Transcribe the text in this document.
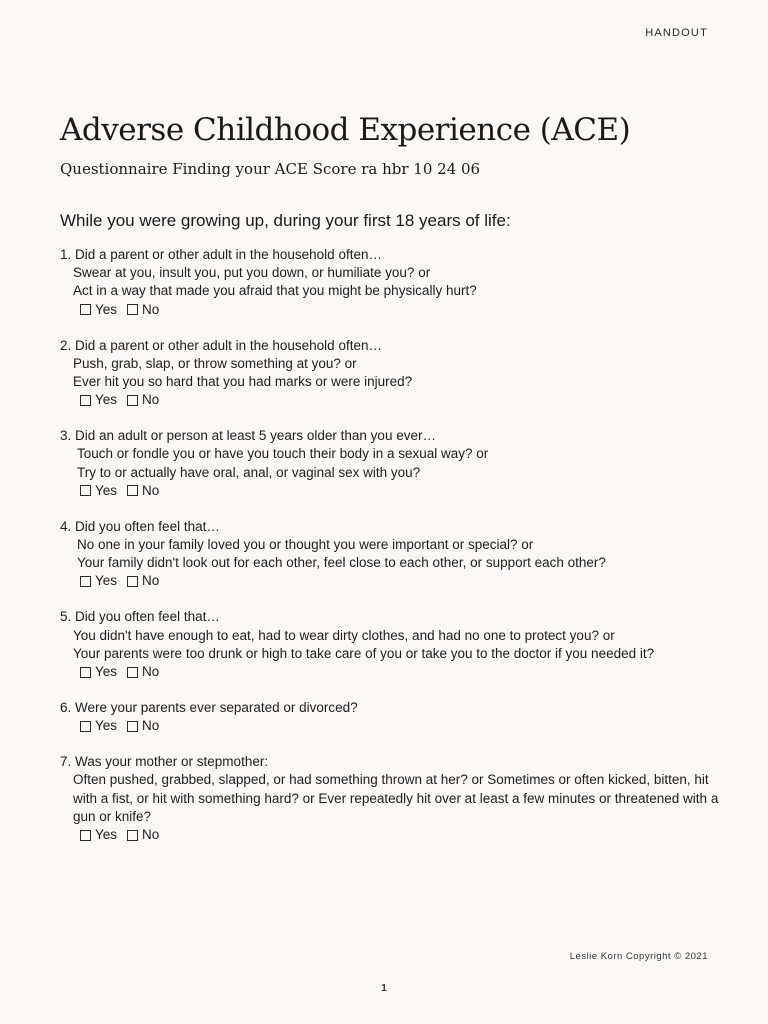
HANDOUT
Adverse Childhood Experience (ACE)

Questionnaire Finding your ACE Score ra hbr 10 24 06

While you were growing up, during your first 18 years of life:
1. Did a parent or other adult in the household often…
Swear at you, insult you, put you down, or humiliate you? or
Act in a way that made you afraid that you might be physically hurt?
Yes No
2. Did a parent or other adult in the household often…
Push, grab, slap, or throw something at you? or
Ever hit you so hard that you had marks or were injured?
Yes No
3. Did an adult or person at least 5 years older than you ever…
Touch or fondle you or have you touch their body in a sexual way? or
Try to or actually have oral, anal, or vaginal sex with you?
Yes No
4. Did you often feel that…
No one in your family loved you or thought you were important or special? or
Your family didn't look out for each other, feel close to each other, or support each other?
Yes No
5. Did you often feel that…
You didn't have enough to eat, had to wear dirty clothes, and had no one to protect you? or
Your parents were too drunk or high to take care of you or take you to the doctor if you needed it?
Yes No
6. Were your parents ever separated or divorced?
Yes No
7. Was your mother or stepmother:
Often pushed, grabbed, slapped, or had something thrown at her? or Sometimes or often kicked, bitten, hit with a fist, or hit with something hard? or Ever repeatedly hit over at least a few minutes or threatened with a gun or knife?
Yes No
Leslie Korn Copyright © 2021
1
